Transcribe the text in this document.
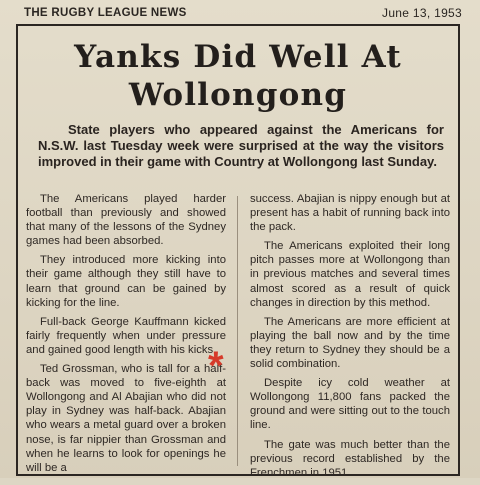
THE RUGBY LEAGUE NEWS	June 13, 1953
Yanks Did Well At Wollongong
State players who appeared against the Americans for N.S.W. last Tuesday week were surprised at the way the visitors improved in their game with Country at Wollongong last Sunday.

The Americans played harder football than previously and showed that many of the lessons of the Sydney games had been absorbed.

They introduced more kicking into their game although they still have to learn that ground can be gained by kicking for the line.

Full-back George Kauffmann kicked fairly frequently when under pressure and gained good length with his kicks.

Ted Grossman, who is tall for a half-back was moved to five-eighth at Wollongong and Al Abajian who did not play in Sydney was half-back. Abajian who wears a metal guard over a broken nose, is far nippier than Grossman and when he learns to look for openings he will be a

success. Abajian is nippy enough but at present has a habit of running back into the pack.

The Americans exploited their long pitch passes more at Wollongong than in previous matches and several times almost scored as a result of quick changes in direction by this method.

The Americans are more efficient at playing the ball now and by the time they return to Sydney they should be a solid combination.

Despite icy cold weather at Wollongong 11,800 fans packed the ground and were sitting out to the touch line.

The gate was much better than the previous record established by the Frenchmen in 1951.

*
